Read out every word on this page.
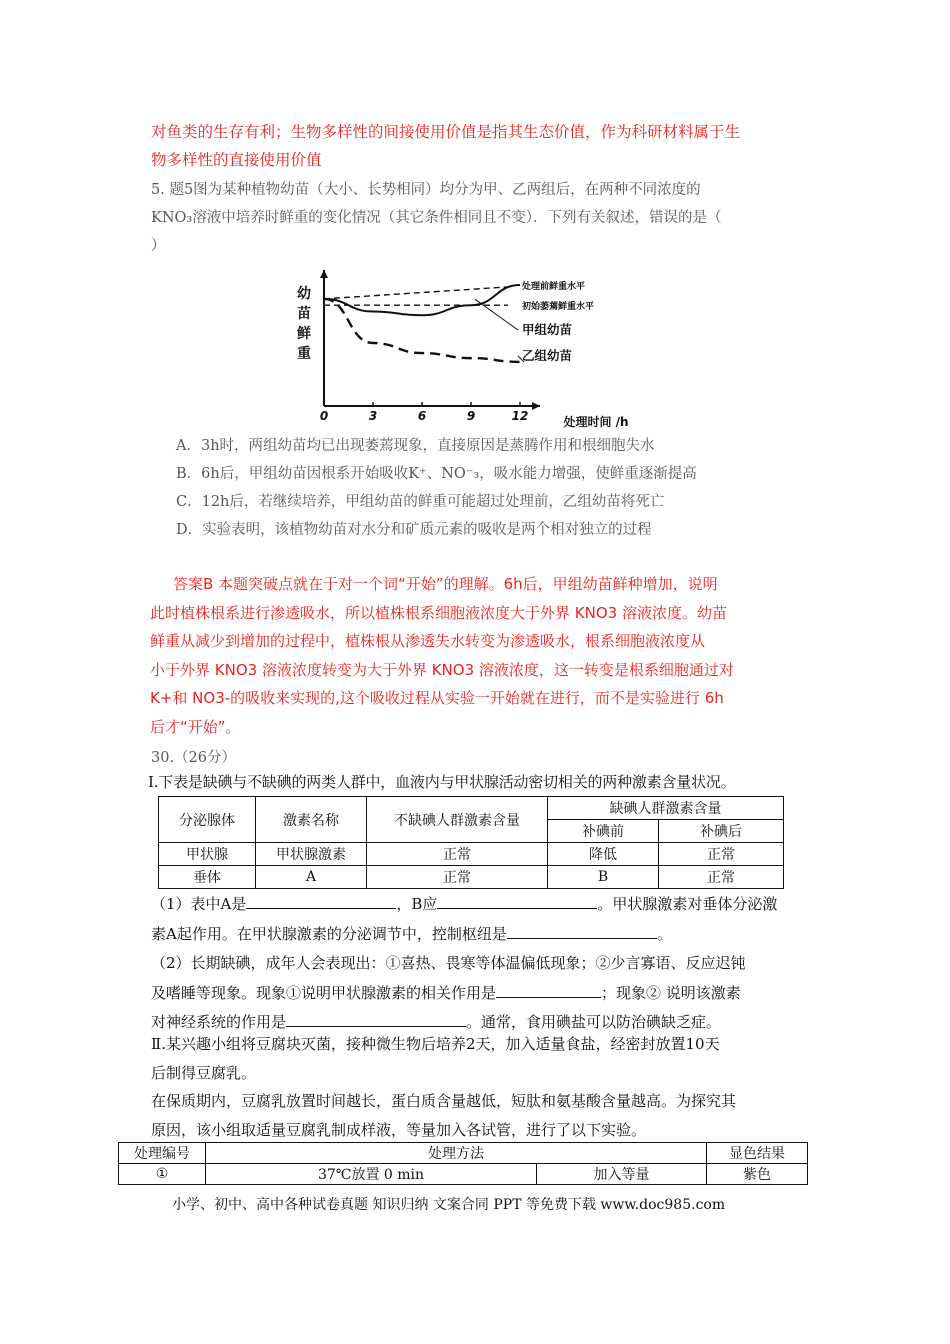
对鱼类的生存有利；生物多样性的间接使用价值是指其生态价值，作为科研材料属于生
物多样性的直接使用价值
5. 题5图为某种植物幼苗（大小、长势相同）均分为甲、乙两组后，在两种不同浓度的
KNO₃溶液中培养时鲜重的变化情况（其它条件相同且不变）．下列有关叙述，错误的是（
）
0	3	6	9	12
幼
苗
鲜
重
处理时间 /h
处理前鲜重水平
初始萎蔫鲜重水平
甲组幼苗
乙组幼苗
A．3h时，两组幼苗均已出现萎蔫现象，直接原因是蒸腾作用和根细胞失水
B．6h后，甲组幼苗因根系开始吸收K⁺、NO⁻₃，吸水能力增强，使鲜重逐渐提高
C．12h后，若继续培养，甲组幼苗的鲜重可能超过处理前，乙组幼苗将死亡
D．实验表明，该植物幼苗对水分和矿质元素的吸收是两个相对独立的过程
答案B 本题突破点就在于对一个词“开始”的理解。6h后，甲组幼苗鲜种增加，说明
此时植株根系进行渗透吸水，所以植株根系细胞液浓度大于外界 KNO3 溶液浓度。幼苗
鲜重从减少到增加的过程中，植株根从渗透失水转变为渗透吸水，根系细胞液浓度从
小于外界 KNO3 溶液浓度转变为大于外界 KNO3 溶液浓度，这一转变是根系细胞通过对
K+和 NO3-的吸收来实现的,这个吸收过程从实验一开始就在进行，而不是实验进行 6h
后才“开始”。
30.（26分）
Ⅰ.下表是缺碘与不缺碘的两类人群中，血液内与甲状腺活动密切相关的两种激素含量状况。
分泌腺体	激素名称	不缺碘人群激素含量	缺碘人群激素含量	
			补碘前	补碘后
甲状腺	甲状腺激素	正常	降低	正常
垂体	A	正常	B	正常
（1）表中A是	，B应	。甲状腺激素对垂体分泌激
素A起作用。在甲状腺激素的分泌调节中，控制枢纽是	。
（2）长期缺碘，成年人会表现出：①喜热、畏寒等体温偏低现象；②少言寡语、反应迟钝
及嗜睡等现象。现象①说明甲状腺激素的相关作用是	；现象② 说明该激素
对神经系统的作用是	。通常，食用碘盐可以防治碘缺乏症。
Ⅱ.某兴趣小组将豆腐块灭菌，接种微生物后培养2天，加入适量食盐，经密封放置10天
后制得豆腐乳。
在保质期内，豆腐乳放置时间越长，蛋白质含量越低，短肽和氨基酸含量越高。为探究其
原因，该小组取适量豆腐乳制成样液，等量加入各试管，进行了以下实验。
处理编号	处理方法		显色结果
①	37℃放置 0 min	加入等量	紫色
小学、初中、高中各种试卷真题 知识归纳 文案合同 PPT 等免费下载 www.doc985.com
